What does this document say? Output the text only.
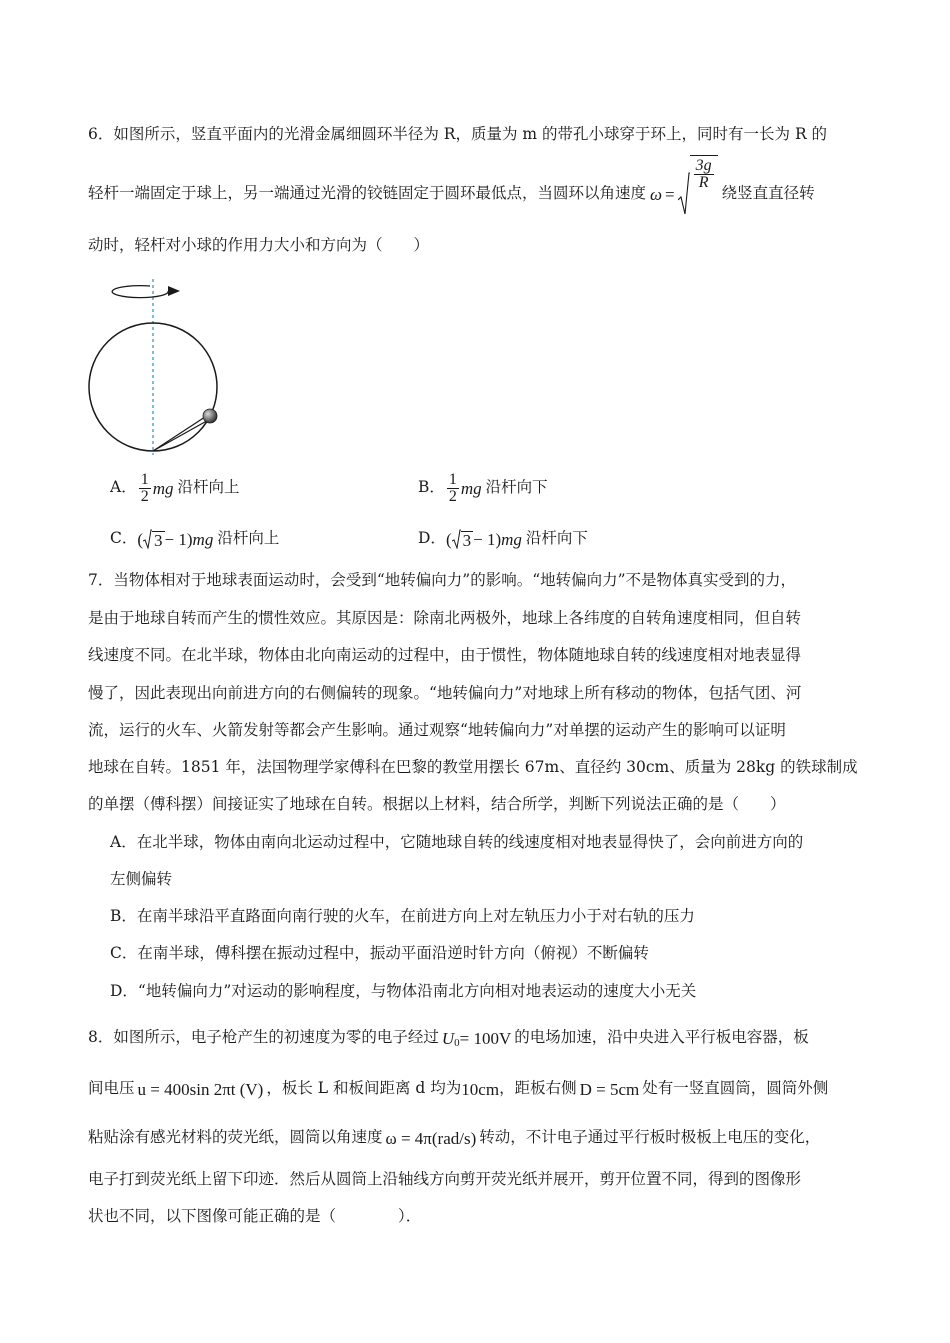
6．如图所示，竖直平面内的光滑金属细圆环半径为 R，质量为 m 的带孔小球穿于环上，同时有一长为 R 的
轻杆一端固定于球上，另一端通过光滑的铰链固定于圆环最低点，当圆环以角速度 ω =
$\frac{3g}{R}$
绕竖直直径转
动时，轻杆对小球的作用力大小和方向为（　　）
A． $\frac{1}{2}$ mg 沿杆向上	B． $\frac{1}{2}$ mg 沿杆向下
C． ( 3 − 1) mg 沿杆向上	D． ( 3 − 1) mg 沿杆向下
7．当物体相对于地球表面运动时，会受到“地转偏向力”的影响。“地转偏向力”不是物体真实受到的力，
是由于地球自转而产生的惯性效应。其原因是：除南北两极外，地球上各纬度的自转角速度相同，但自转
线速度不同。在北半球，物体由北向南运动的过程中，由于惯性，物体随地球自转的线速度相对地表显得
慢了，因此表现出向前进方向的右侧偏转的现象。“地转偏向力”对地球上所有移动的物体，包括气团、河
流，运行的火车、火箭发射等都会产生影响。通过观察“地转偏向力”对单摆的运动产生的影响可以证明
地球在自转。1851 年，法国物理学家傅科在巴黎的教堂用摆长 67m、直径约 30cm、质量为 28kg 的铁球制成
的单摆（傅科摆）间接证实了地球在自转。根据以上材料，结合所学，判断下列说法正确的是（　　）
A．在北半球，物体由南向北运动过程中，它随地球自转的线速度相对地表显得快了，会向前进方向的
左侧偏转
B．在南半球沿平直路面向南行驶的火车，在前进方向上对左轨压力小于对右轨的压力
C．在南半球，傅科摆在振动过程中，振动平面沿逆时针方向（俯视）不断偏转
D．“地转偏向力”对运动的影响程度，与物体沿南北方向相对地表运动的速度大小无关
8．如图所示，电子枪产生的初速度为零的电子经过 U 0 = 100V 的电场加速，沿中央进入平行板电容器，板
间电压 u = 400sin 2πt (V) ，板长 L 和板间距离 d 均为 10cm ，距板右侧 D = 5cm 处有一竖直圆筒，圆筒外侧
粘贴涂有感光材料的荧光纸，圆筒以角速度 ω = 4π(rad/s) 转动，不计电子通过平行板时极板上电压的变化，
电子打到荧光纸上留下印迹．然后从圆筒上沿轴线方向剪开荧光纸并展开，剪开位置不同，得到的图像形
状也不同，以下图像可能正确的是（　　　　）．
